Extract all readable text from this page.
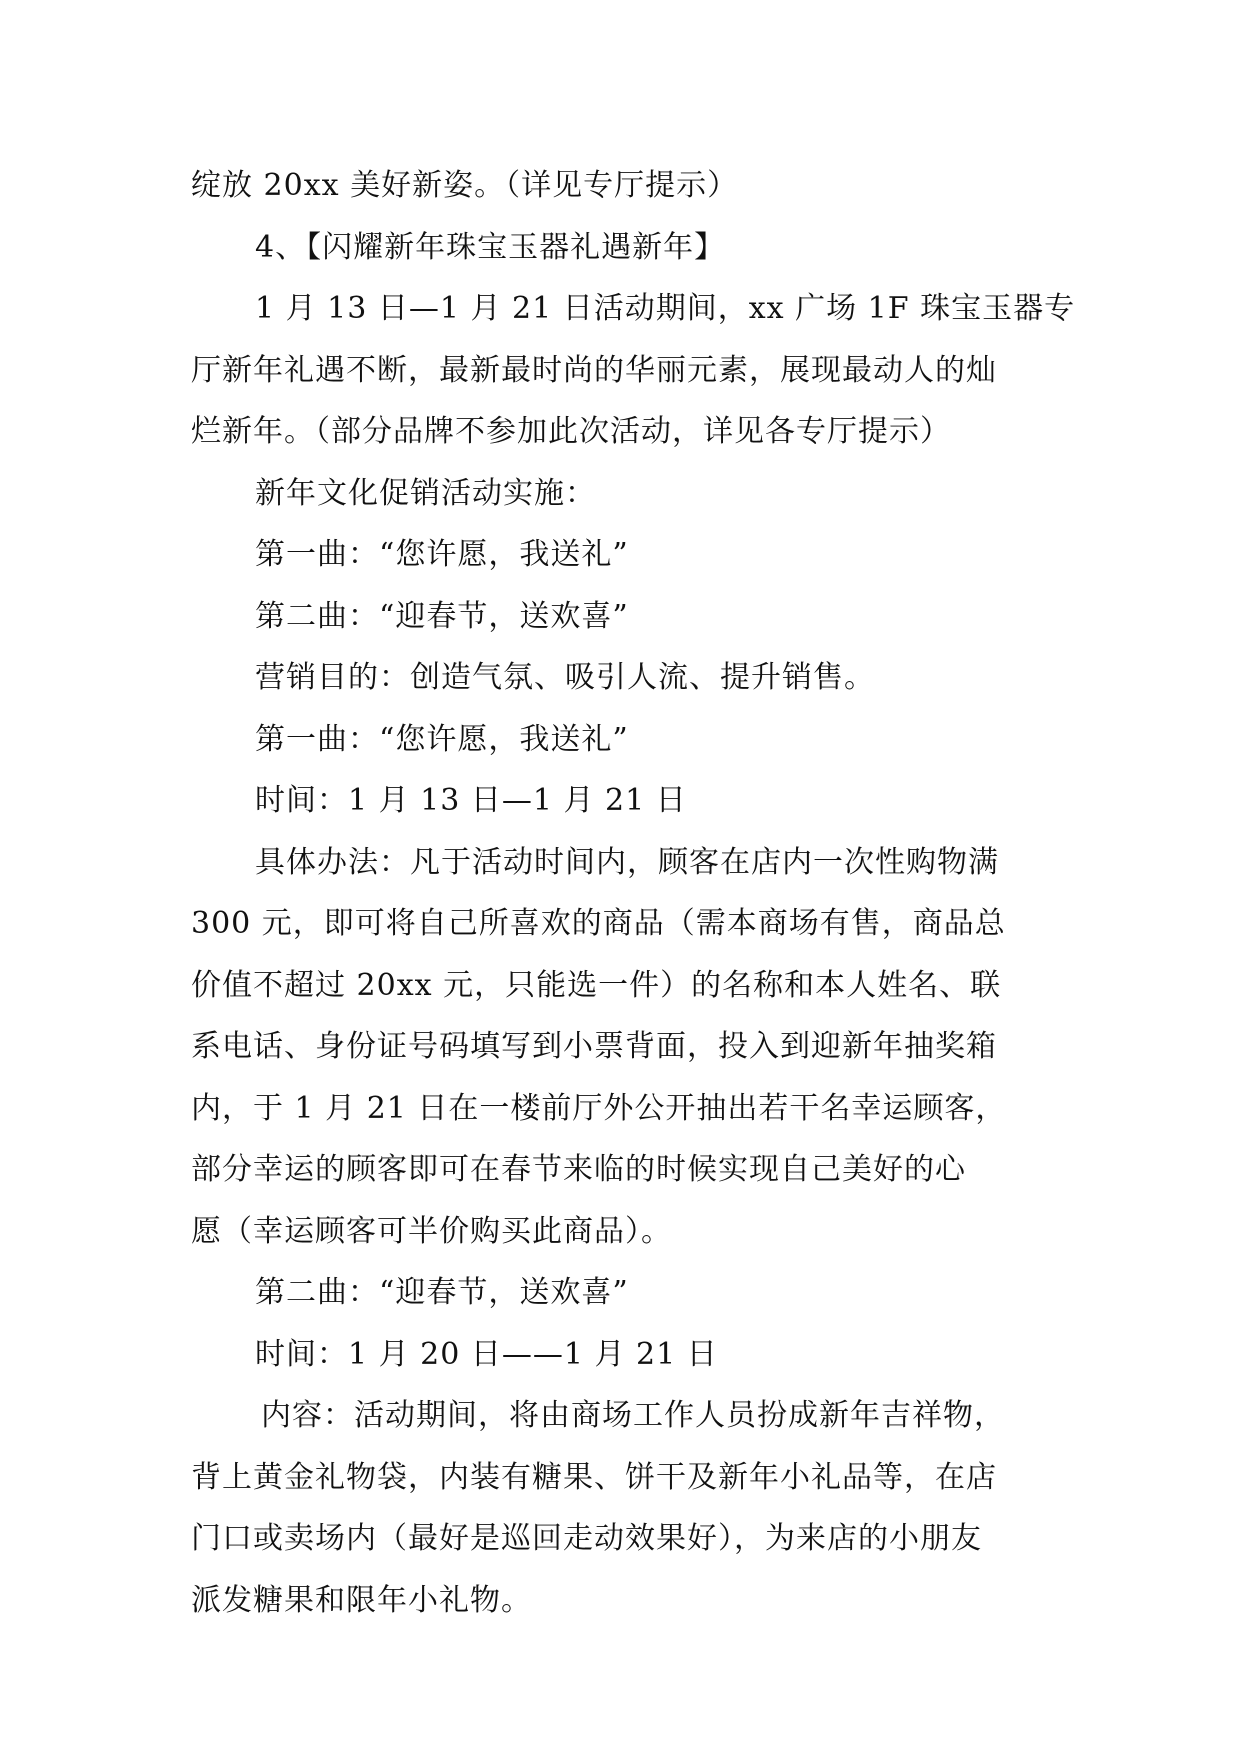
绽放 20xx 美好新姿。（详见专厅提示）
4、【闪耀新年珠宝玉器礼遇新年】
1 月 13 日—1 月 21 日活动期间，xx 广场 1F 珠宝玉器专
厅新年礼遇不断，最新最时尚的华丽元素，展现最动人的灿
烂新年。（部分品牌不参加此次活动，详见各专厅提示）
新年文化促销活动实施：
第一曲：“您许愿，我送礼”
第二曲：“迎春节，送欢喜”
营销目的：创造气氛、吸引人流、提升销售。
第一曲：“您许愿，我送礼”
时间：1 月 13 日—1 月 21 日
具体办法：凡于活动时间内，顾客在店内一次性购物满
300 元，即可将自己所喜欢的商品（需本商场有售，商品总
价值不超过 20xx 元，只能选一件）的名称和本人姓名、联
系电话、身份证号码填写到小票背面，投入到迎新年抽奖箱
内，于 1 月 21 日在一楼前厅外公开抽出若干名幸运顾客，
部分幸运的顾客即可在春节来临的时候实现自己美好的心
愿（幸运顾客可半价购买此商品）。
第二曲：“迎春节，送欢喜”
时间：1 月 20 日——1 月 21 日
内容：活动期间，将由商场工作人员扮成新年吉祥物，
背上黄金礼物袋，内装有糖果、饼干及新年小礼品等，在店
门口或卖场内（最好是巡回走动效果好），为来店的小朋友
派发糖果和限年小礼物。
